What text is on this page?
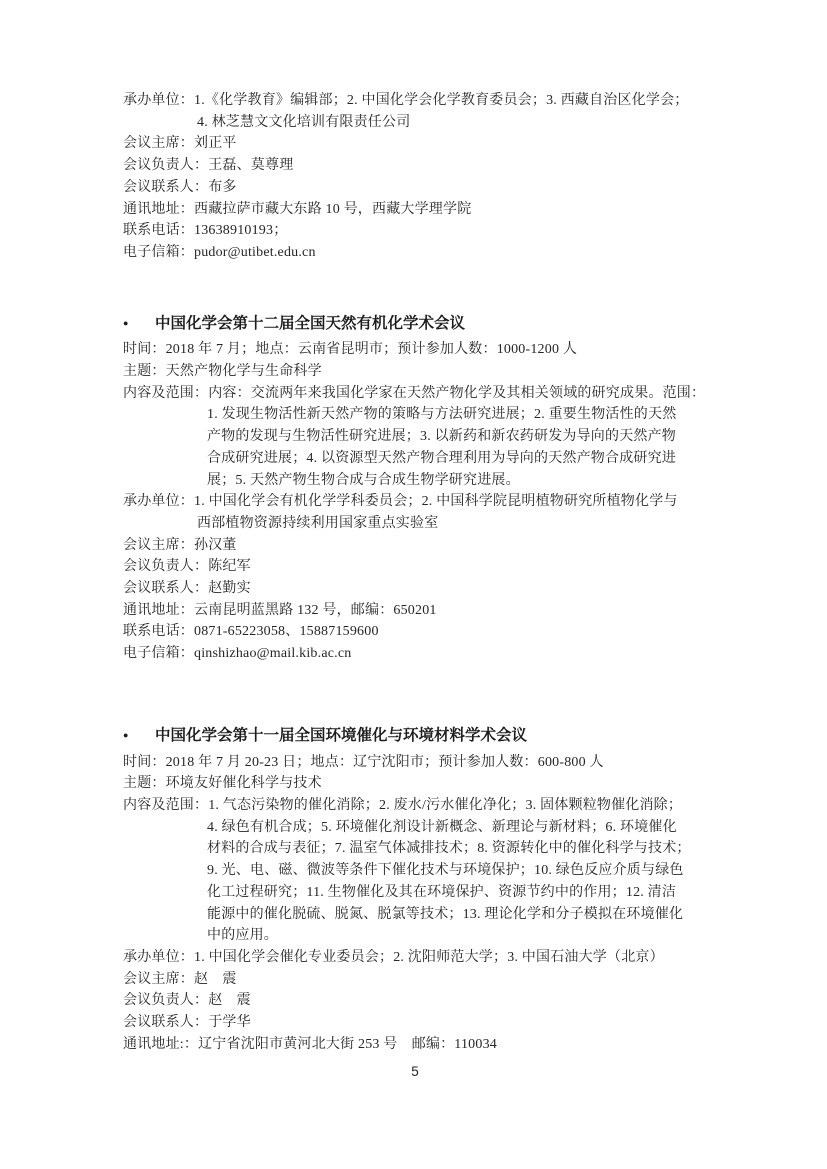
承办单位：1.《化学教育》编辑部；2. 中国化学会化学教育委员会；3. 西藏自治区化学会；
4. 林芝慧文文化培训有限责任公司
会议主席：刘正平
会议负责人：王磊、莫尊理
会议联系人：布多
通讯地址：西藏拉萨市藏大东路 10 号，西藏大学理学院
联系电话：13638910193；
电子信箱：pudor@utibet.edu.cn
●	中国化学会第十二届全国天然有机化学术会议
时间：2018 年 7 月；地点：云南省昆明市；预计参加人数：1000-1200 人
主题：天然产物化学与生命科学
内容及范围：内容：交流两年来我国化学家在天然产物化学及其相关领域的研究成果。范围：
1. 发现生物活性新天然产物的策略与方法研究进展；2. 重要生物活性的天然
产物的发现与生物活性研究进展；3. 以新药和新农药研发为导向的天然产物
合成研究进展；4. 以资源型天然产物合理利用为导向的天然产物合成研究进
展；5. 天然产物生物合成与合成生物学研究进展。
承办单位：1. 中国化学会有机化学学科委员会；2. 中国科学院昆明植物研究所植物化学与
西部植物资源持续利用国家重点实验室
会议主席：孙汉董
会议负责人：陈纪军
会议联系人：赵勤实
通讯地址：云南昆明蓝黑路 132 号，邮编：650201
联系电话：0871-65223058、15887159600
电子信箱：qinshizhao@mail.kib.ac.cn
●	中国化学会第十一届全国环境催化与环境材料学术会议
时间：2018 年 7 月 20-23 日；地点：辽宁沈阳市；预计参加人数：600-800 人
主题：环境友好催化科学与技术
内容及范围：1. 气态污染物的催化消除；2. 废水/污水催化净化；3. 固体颗粒物催化消除；
4. 绿色有机合成；5. 环境催化剂设计新概念、新理论与新材料；6. 环境催化
材料的合成与表征；7. 温室气体减排技术；8. 资源转化中的催化科学与技术；
9. 光、电、磁、微波等条件下催化技术与环境保护；10. 绿色反应介质与绿色
化工过程研究；11. 生物催化及其在环境保护、资源节约中的作用；12. 清洁
能源中的催化脱硫、脱氮、脱氯等技术；13. 理论化学和分子模拟在环境催化
中的应用。
承办单位：1. 中国化学会催化专业委员会；2. 沈阳师范大学；3. 中国石油大学（北京）
会议主席：赵　震
会议负责人：赵　震
会议联系人：于学华
通讯地址:：辽宁省沈阳市黄河北大街 253 号　邮编：110034
5
